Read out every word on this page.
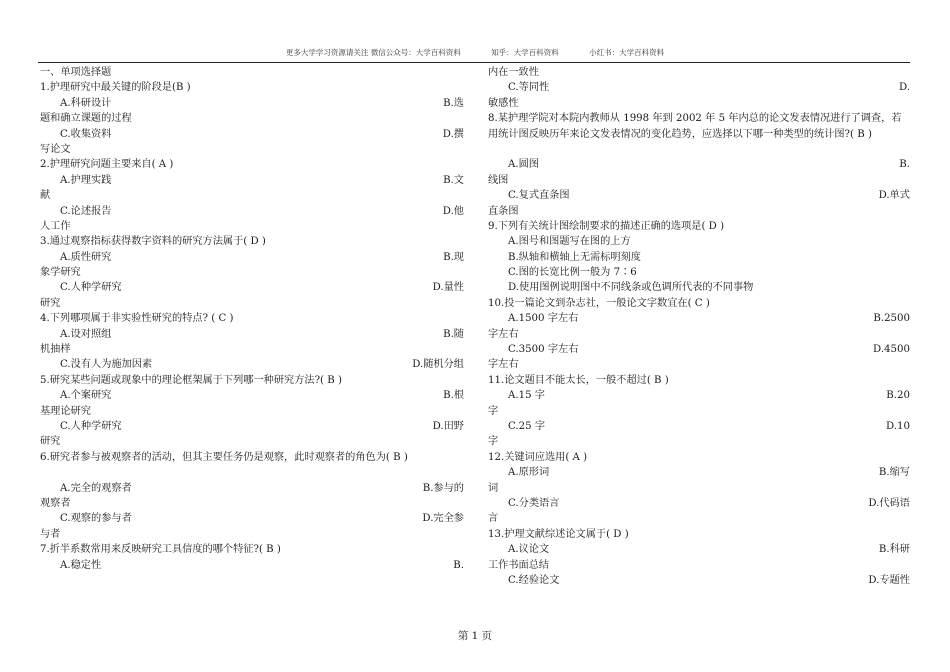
更多大学学习资源请关注 微信公众号：大学百科资料	知乎：大学百科资料	小红书：大学百科资料
一、单项选择题
1.护理研究中最关键的阶段是(B )
A.科研设计	B.选
题和确立课题的过程
C.收集资料	D.撰
写论文
2.护理研究问题主要来自( A )
A.护理实践	B.文
献
C.论述报告	D.他
人工作
3.通过观察指标获得数字资料的研究方法属于( D )
A.质性研究	B.现
象学研究
C.人种学研究	D.量性
研究
4.下列哪项属于非实验性研究的特点? ( C )
A.设对照组	B.随
机抽样
C.没有人为施加因素	D.随机分组
5.研究某些问题或现象中的理论框架属于下列哪一种研究方法?( B )
A.个案研究	B.根
基理论研究
C.人种学研究	D.田野
研究
6.研究者参与被观察者的活动，但其主要任务仍是观察，此时观察者的角色为( B )
A.完全的观察者	B.参与的
观察者
C.观察的参与者	D.完全参
与者
7.折半系数常用来反映研究工具信度的哪个特征?( B )
A.稳定性	B.
内在一致性
C.等同性	D.
敏感性
8.某护理学院对本院内教师从 1998 年到 2002 年 5 年内总的论文发表情况进行了调查，若用统计图反映历年来论文发表情况的变化趋势，应选择以下哪一种类型的统计图?( B )
A.圆图	B.
线图
C.复式直条图	D.单式
直条图
9.下列有关统计图绘制要求的描述正确的选项是( D )
A.图号和图题写在图的上方
B.纵轴和横轴上无需标明刻度
C.图的长宽比例一般为 7∶6
D.使用图例说明图中不同线条或色调所代表的不同事物
10.投一篇论文到杂志社，一般论文字数宜在( C )
A.1500 字左右	B.2500
字左右
C.3500 字左右	D.4500
字左右
11.论文题目不能太长，一般不超过( B )
A.15 字	B.20
字
C.25 字	D.10
字
12.关键词应选用( A )
A.原形词	B.缩写
词
C.分类语言	D.代码语
言
13.护理文献综述论文属于( D )
A.议论文	B.科研
工作书面总结
C.经验论文	D.专题性
第 1 页
